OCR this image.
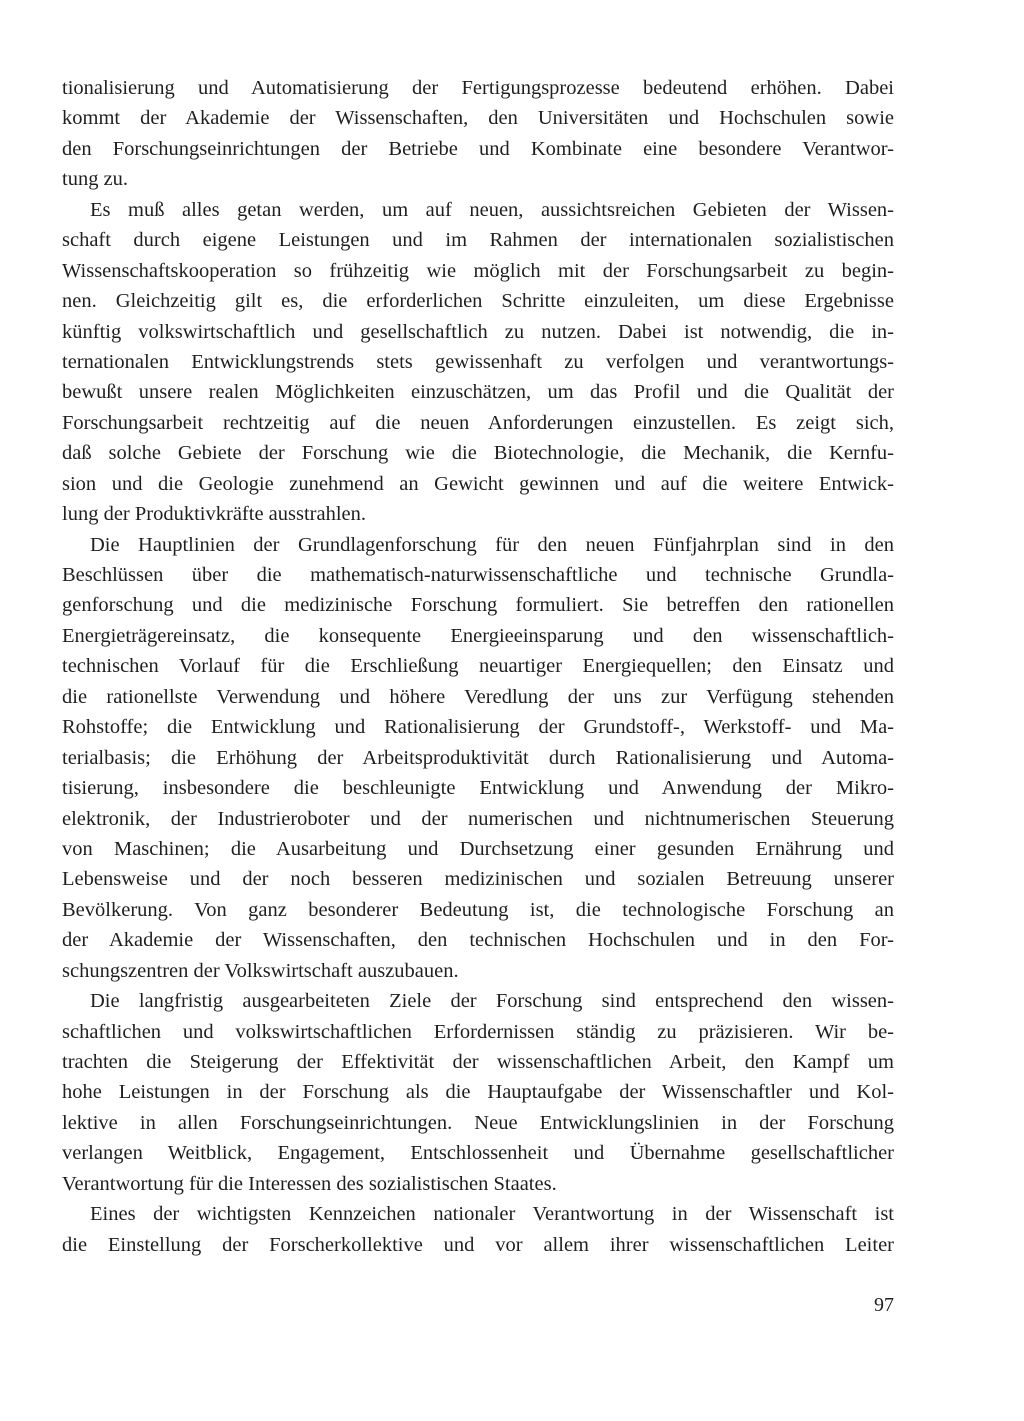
tionalisierung und Automatisierung der Fertigungsprozesse bedeutend erhöhen. Dabei
kommt der Akademie der Wissenschaften, den Universitäten und Hochschulen sowie
den Forschungseinrichtungen der Betriebe und Kombinate eine besondere Verantwor-
tung zu.
Es muß alles getan werden, um auf neuen, aussichtsreichen Gebieten der Wissen-
schaft durch eigene Leistungen und im Rahmen der internationalen sozialistischen
Wissenschaftskooperation so frühzeitig wie möglich mit der Forschungsarbeit zu begin-
nen. Gleichzeitig gilt es, die erforderlichen Schritte einzuleiten, um diese Ergebnisse
künftig volkswirtschaftlich und gesellschaftlich zu nutzen. Dabei ist notwendig, die in-
ternationalen Entwicklungstrends stets gewissenhaft zu verfolgen und verantwortungs-
bewußt unsere realen Möglichkeiten einzuschätzen, um das Profil und die Qualität der
Forschungsarbeit rechtzeitig auf die neuen Anforderungen einzustellen. Es zeigt sich,
daß solche Gebiete der Forschung wie die Biotechnologie, die Mechanik, die Kernfu-
sion und die Geologie zunehmend an Gewicht gewinnen und auf die weitere Entwick-
lung der Produktivkräfte ausstrahlen.
Die Hauptlinien der Grundlagenforschung für den neuen Fünfjahrplan sind in den
Beschlüssen über die mathematisch-naturwissenschaftliche und technische Grundla-
genforschung und die medizinische Forschung formuliert. Sie betreffen den rationellen
Energieträgereinsatz, die konsequente Energieeinsparung und den wissenschaftlich-
technischen Vorlauf für die Erschließung neuartiger Energiequellen; den Einsatz und
die rationellste Verwendung und höhere Veredlung der uns zur Verfügung stehenden
Rohstoffe; die Entwicklung und Rationalisierung der Grundstoff-, Werkstoff- und Ma-
terialbasis; die Erhöhung der Arbeitsproduktivität durch Rationalisierung und Automa-
tisierung, insbesondere die beschleunigte Entwicklung und Anwendung der Mikro-
elektronik, der Industrieroboter und der numerischen und nichtnumerischen Steuerung
von Maschinen; die Ausarbeitung und Durchsetzung einer gesunden Ernährung und
Lebensweise und der noch besseren medizinischen und sozialen Betreuung unserer
Bevölkerung. Von ganz besonderer Bedeutung ist, die technologische Forschung an
der Akademie der Wissenschaften, den technischen Hochschulen und in den For-
schungszentren der Volkswirtschaft auszubauen.
Die langfristig ausgearbeiteten Ziele der Forschung sind entsprechend den wissen-
schaftlichen und volkswirtschaftlichen Erfordernissen ständig zu präzisieren. Wir be-
trachten die Steigerung der Effektivität der wissenschaftlichen Arbeit, den Kampf um
hohe Leistungen in der Forschung als die Hauptaufgabe der Wissenschaftler und Kol-
lektive in allen Forschungseinrichtungen. Neue Entwicklungslinien in der Forschung
verlangen Weitblick, Engagement, Entschlossenheit und Übernahme gesellschaftlicher
Verantwortung für die Interessen des sozialistischen Staates.
Eines der wichtigsten Kennzeichen nationaler Verantwortung in der Wissenschaft ist
die Einstellung der Forscherkollektive und vor allem ihrer wissenschaftlichen Leiter
97
